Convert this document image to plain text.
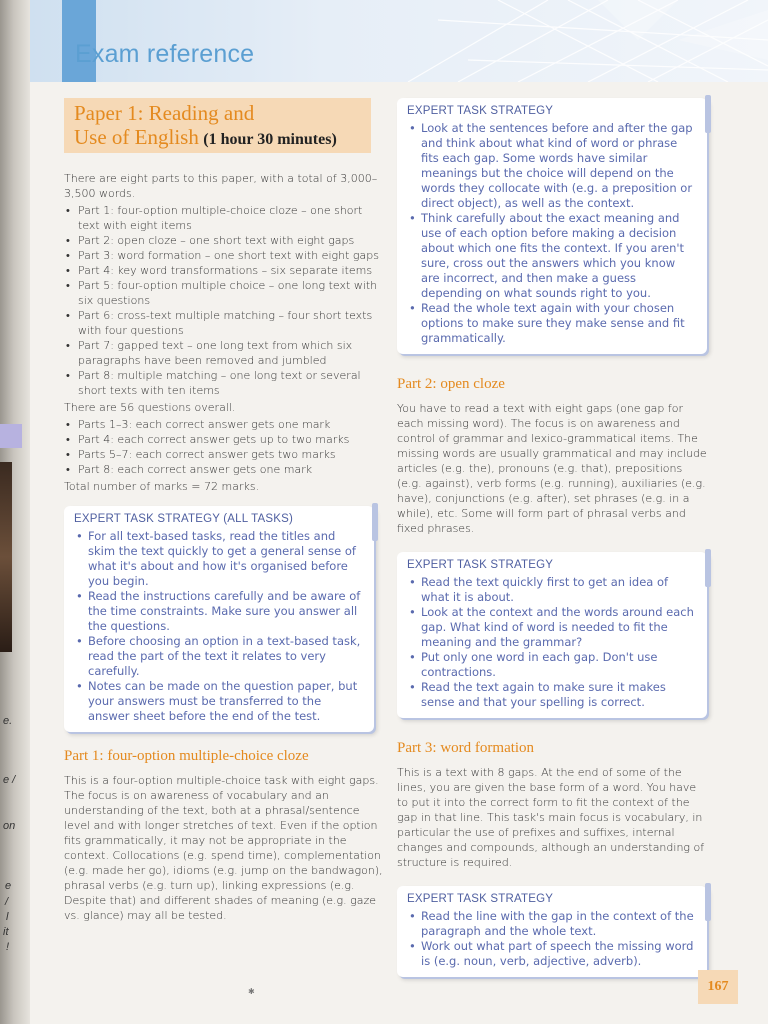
e.
e /
on
e
/
l
it
!
Exam reference
Paper 1: Reading and
Use of English (1 hour 30 minutes)

There are eight parts to this paper, with a total of 3,000–3,500 words.

• Part 1: four-option multiple-choice cloze – one short text with eight items
• Part 2: open cloze – one short text with eight gaps
• Part 3: word formation – one short text with eight gaps
• Part 4: key word transformations – six separate items
• Part 5: four-option multiple choice – one long text with six questions
• Part 6: cross-text multiple matching – four short texts with four questions
• Part 7: gapped text – one long text from which six paragraphs have been removed and jumbled
• Part 8: multiple matching – one long text or several short texts with ten items

There are 56 questions overall.

• Parts 1–3: each correct answer gets one mark
• Part 4: each correct answer gets up to two marks
• Parts 5–7: each correct answer gets two marks
• Part 8: each correct answer gets one mark

Total number of marks = 72 marks.

EXPERT TASK STRATEGY (ALL TASKS)
• For all text-based tasks, read the titles and skim the text quickly to get a general sense of what it's about and how it's organised before you begin.
• Read the instructions carefully and be aware of the time constraints. Make sure you answer all the questions.
• Before choosing an option in a text-based task, read the part of the text it relates to very carefully.
• Notes can be made on the question paper, but your answers must be transferred to the answer sheet before the end of the test.
Part 1: four-option multiple-choice cloze
This is a four-option multiple-choice task with eight gaps. The focus is on awareness of vocabulary and an understanding of the text, both at a phrasal/sentence level and with longer stretches of text. Even if the option fits grammatically, it may not be appropriate in the context. Collocations (e.g. spend time), complementation (e.g. made her go), idioms (e.g. jump on the bandwagon), phrasal verbs (e.g. turn up), linking expressions (e.g. Despite that) and different shades of meaning (e.g. gaze vs. glance) may all be tested.
EXPERT TASK STRATEGY
• Look at the sentences before and after the gap and think about what kind of word or phrase fits each gap. Some words have similar meanings but the choice will depend on the words they collocate with (e.g. a preposition or direct object), as well as the context.
• Think carefully about the exact meaning and use of each option before making a decision about which one fits the context. If you aren't sure, cross out the answers which you know are incorrect, and then make a guess depending on what sounds right to you.
• Read the whole text again with your chosen options to make sure they make sense and fit grammatically.
Part 2: open cloze
You have to read a text with eight gaps (one gap for each missing word). The focus is on awareness and control of grammar and lexico-grammatical items. The missing words are usually grammatical and may include articles (e.g. the), pronouns (e.g. that), prepositions (e.g. against), verb forms (e.g. running), auxiliaries (e.g. have), conjunctions (e.g. after), set phrases (e.g. in a while), etc. Some will form part of phrasal verbs and fixed phrases.
EXPERT TASK STRATEGY
• Read the text quickly first to get an idea of what it is about.
• Look at the context and the words around each gap. What kind of word is needed to fit the meaning and the grammar?
• Put only one word in each gap. Don't use contractions.
• Read the text again to make sure it makes sense and that your spelling is correct.
Part 3: word formation
This is a text with 8 gaps. At the end of some of the lines, you are given the base form of a word. You have to put it into the correct form to fit the context of the gap in that line. This task's main focus is vocabulary, in particular the use of prefixes and suffixes, internal changes and compounds, although an understanding of structure is required.
EXPERT TASK STRATEGY
• Read the line with the gap in the context of the paragraph and the whole text.
• Work out what part of speech the missing word is (e.g. noun, verb, adjective, adverb).
✱	167
